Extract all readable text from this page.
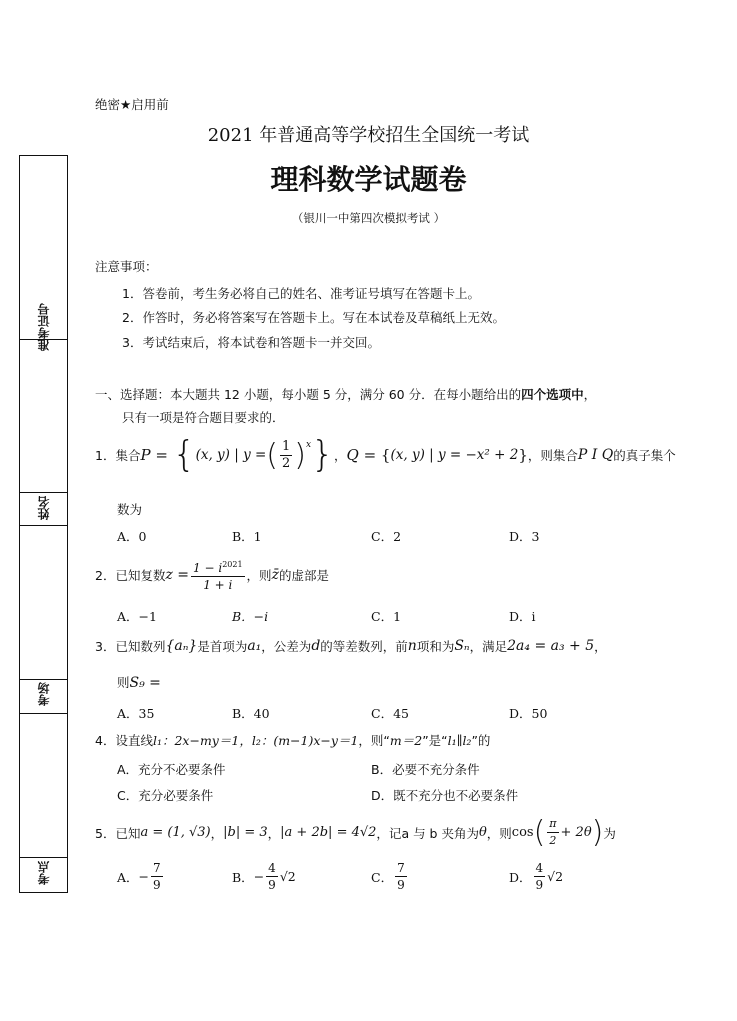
准考证号
姓名
考场
考点
绝密★启用前
2021 年普通高等学校招生全国统一考试
理科数学试题卷
（银川一中第四次模拟考试 ）
注意事项：
1．答卷前，考生务必将自己的姓名、准考证号填写在答题卡上。
2．作答时，务必将答案写在答题卡上。写在本试卷及草稿纸上无效。
3．考试结束后，将本试卷和答题卡一并交回。
一、选择题：本大题共 12 小题，每小题 5 分，满分 60 分．在每小题给出的四个选项中，
只有一项是符合题目要求的．
1． 集合 P = { (x, y) | y = ( $\frac{1}{2}$ ) x } ， Q = { (x, y) | y = −x² + 2 } ，则集合 P I Q 的真子集个
数为
A．0	B．1	C．2	D．3
2． 已知复数 $z = \frac{1 - i^{2021}}{1 + i}$ ，则 z̄ 的虚部是
A．−1	B．−i	C．1	D．i
3． 已知数列 {aₙ} 是首项为 a₁ ，公差为 d 的等差数列，前 n 项和为 Sₙ ，满足 2a₄ = a₃ + 5 ，
则S₉ =
A．35	B．40	C．45	D．50
4．设直线l₁：2x−my＝1，l₂：(m−1)x−y＝1，则“m＝2”是“l₁∥l₂”的
A．充分不必要条件	B．必要不充分条件
C．充分必要条件	D．既不充分也不必要条件
5． 已知 a = (1, √3) ， |b| = 3 ， |a + 2b| = 4√2 ，记 a 与 b 夹角为 θ ，则 cos ( $\frac{\pi}{2} + 2\theta$ ) 为
A． − $\frac{7}{9}$	B． − $\frac{4}{9} √2$	C． $\frac{7}{9}$	D． $\frac{4}{9} √2$
